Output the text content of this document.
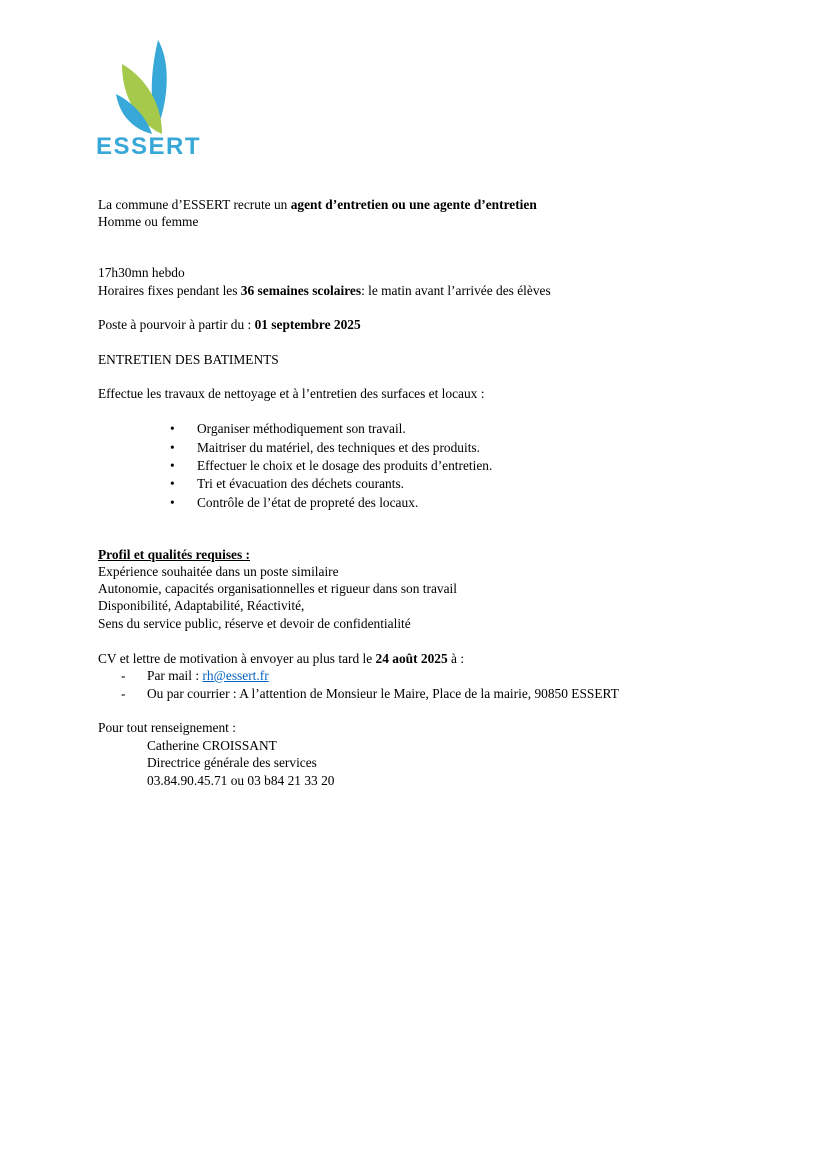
ESSERT
La commune d’ESSERT recrute un agent d’entretien ou une agente d’entretien
Homme ou femme
17h30mn hebdo
Horaires fixes pendant les 36 semaines scolaires: le matin avant l’arrivée des élèves
Poste à pourvoir à partir du : 01 septembre 2025
ENTRETIEN DES BATIMENTS
Effectue les travaux de nettoyage et à l’entretien des surfaces et locaux :
•	Organiser méthodiquement son travail.
•	Maitriser du matériel, des techniques et des produits.
•	Effectuer le choix et le dosage des produits d’entretien.
•	Tri et évacuation des déchets courants.
•	Contrôle de l’état de propreté des locaux.
Profil et qualités requises :
Expérience souhaitée dans un poste similaire
Autonomie, capacités organisationnelles et rigueur dans son travail
Disponibilité, Adaptabilité, Réactivité,
Sens du service public, réserve et devoir de confidentialité
CV et lettre de motivation à envoyer au plus tard le 24 août 2025 à :
- Par mail : rh@essert.fr
- Ou par courrier : A l’attention de Monsieur le Maire, Place de la mairie, 90850 ESSERT
Pour tout renseignement :
Catherine CROISSANT
Directrice générale des services
03.84.90.45.71 ou 03 b84 21 33 20
